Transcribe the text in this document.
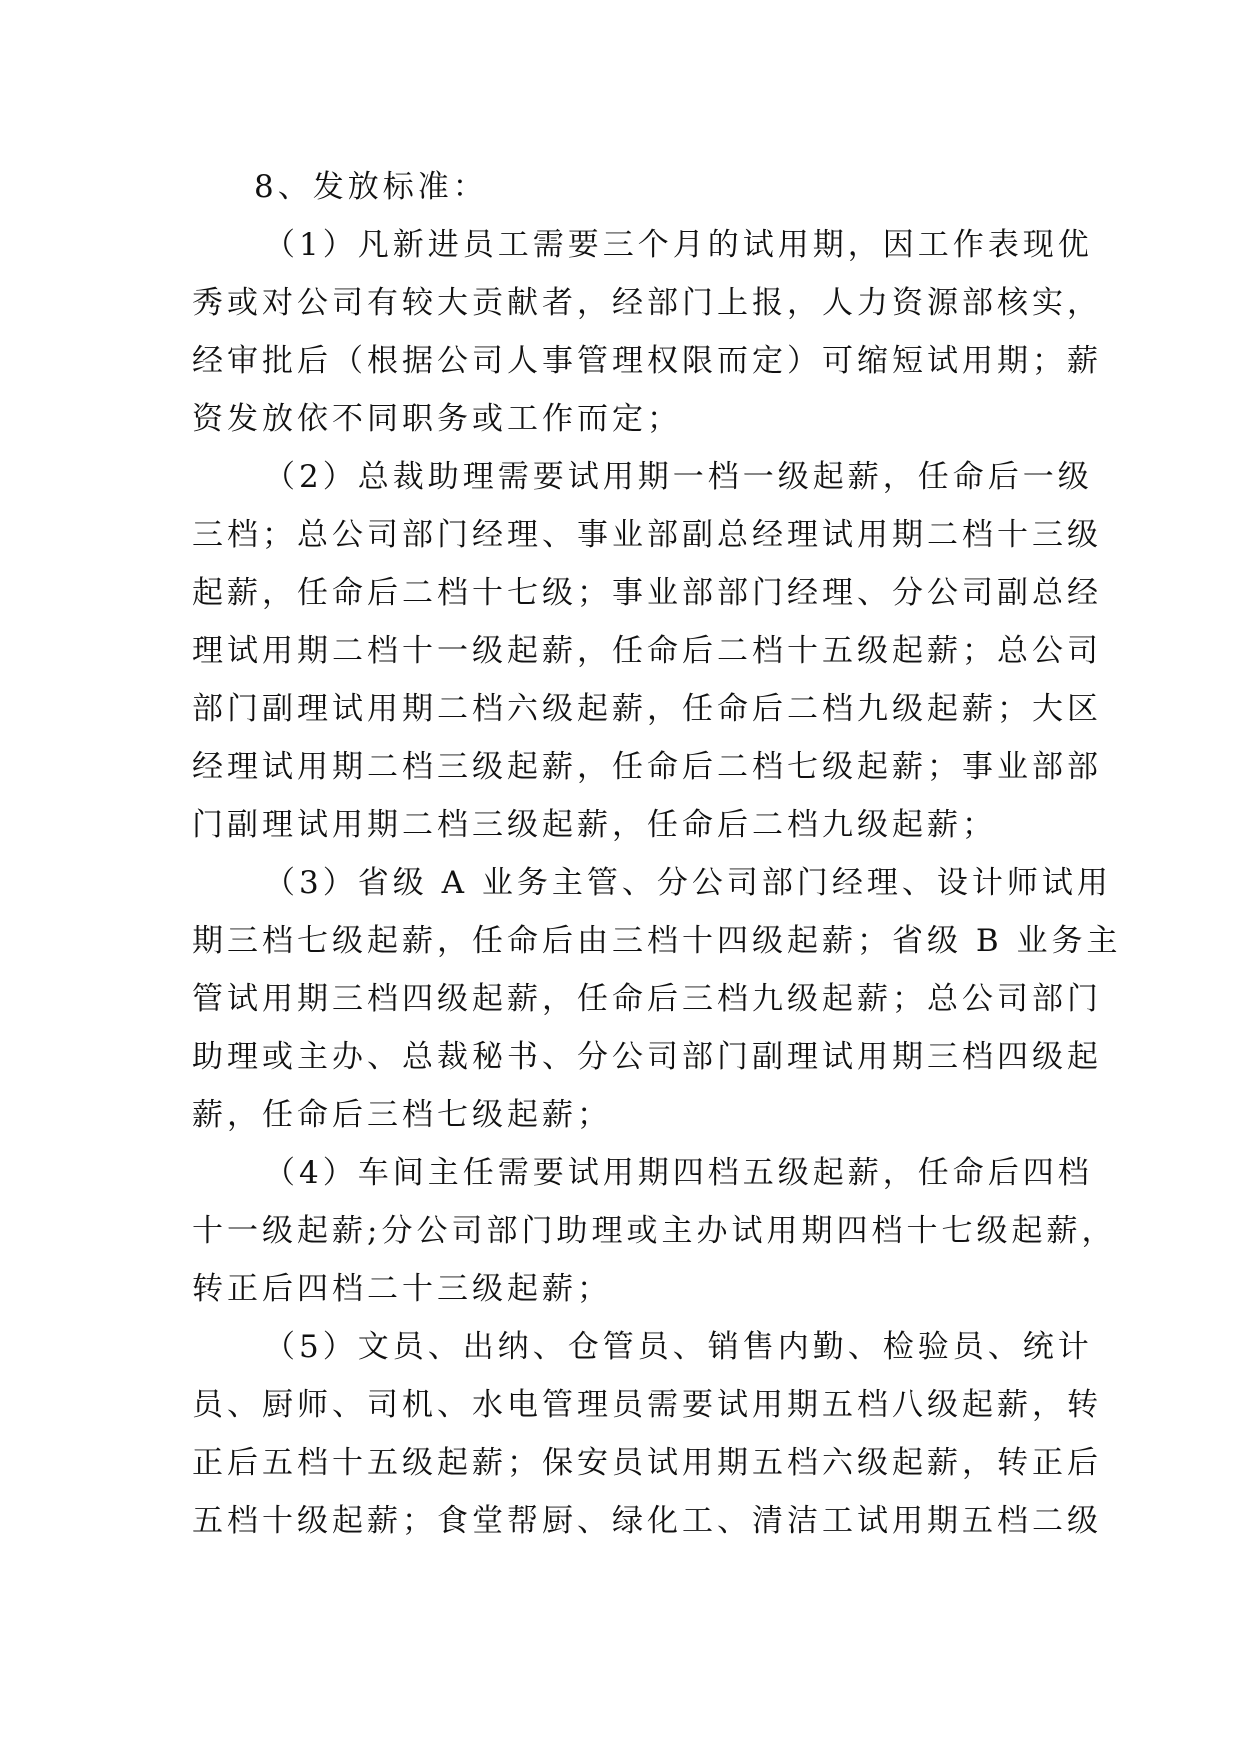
8、发放标准：

（1）凡新进员工需要三个月的试用期，因工作表现优
秀或对公司有较大贡献者，经部门上报，人力资源部核实，
经审批后（根据公司人事管理权限而定）可缩短试用期；薪
资发放依不同职务或工作而定；
（2）总裁助理需要试用期一档一级起薪，任命后一级
三档；总公司部门经理、事业部副总经理试用期二档十三级
起薪，任命后二档十七级；事业部部门经理、分公司副总经
理试用期二档十一级起薪，任命后二档十五级起薪；总公司
部门副理试用期二档六级起薪，任命后二档九级起薪；大区
经理试用期二档三级起薪，任命后二档七级起薪；事业部部
门副理试用期二档三级起薪，任命后二档九级起薪；
（3）省级 A 业务主管、分公司部门经理、设计师试用
期三档七级起薪，任命后由三档十四级起薪；省级 B 业务主
管试用期三档四级起薪，任命后三档九级起薪；总公司部门
助理或主办、总裁秘书、分公司部门副理试用期三档四级起
薪，任命后三档七级起薪；
（4）车间主任需要试用期四档五级起薪，任命后四档
十一级起薪;分公司部门助理或主办试用期四档十七级起薪，
转正后四档二十三级起薪；
（5）文员、出纳、仓管员、销售内勤、检验员、统计
员、厨师、司机、水电管理员需要试用期五档八级起薪，转
正后五档十五级起薪；保安员试用期五档六级起薪，转正后
五档十级起薪；食堂帮厨、绿化工、清洁工试用期五档二级
